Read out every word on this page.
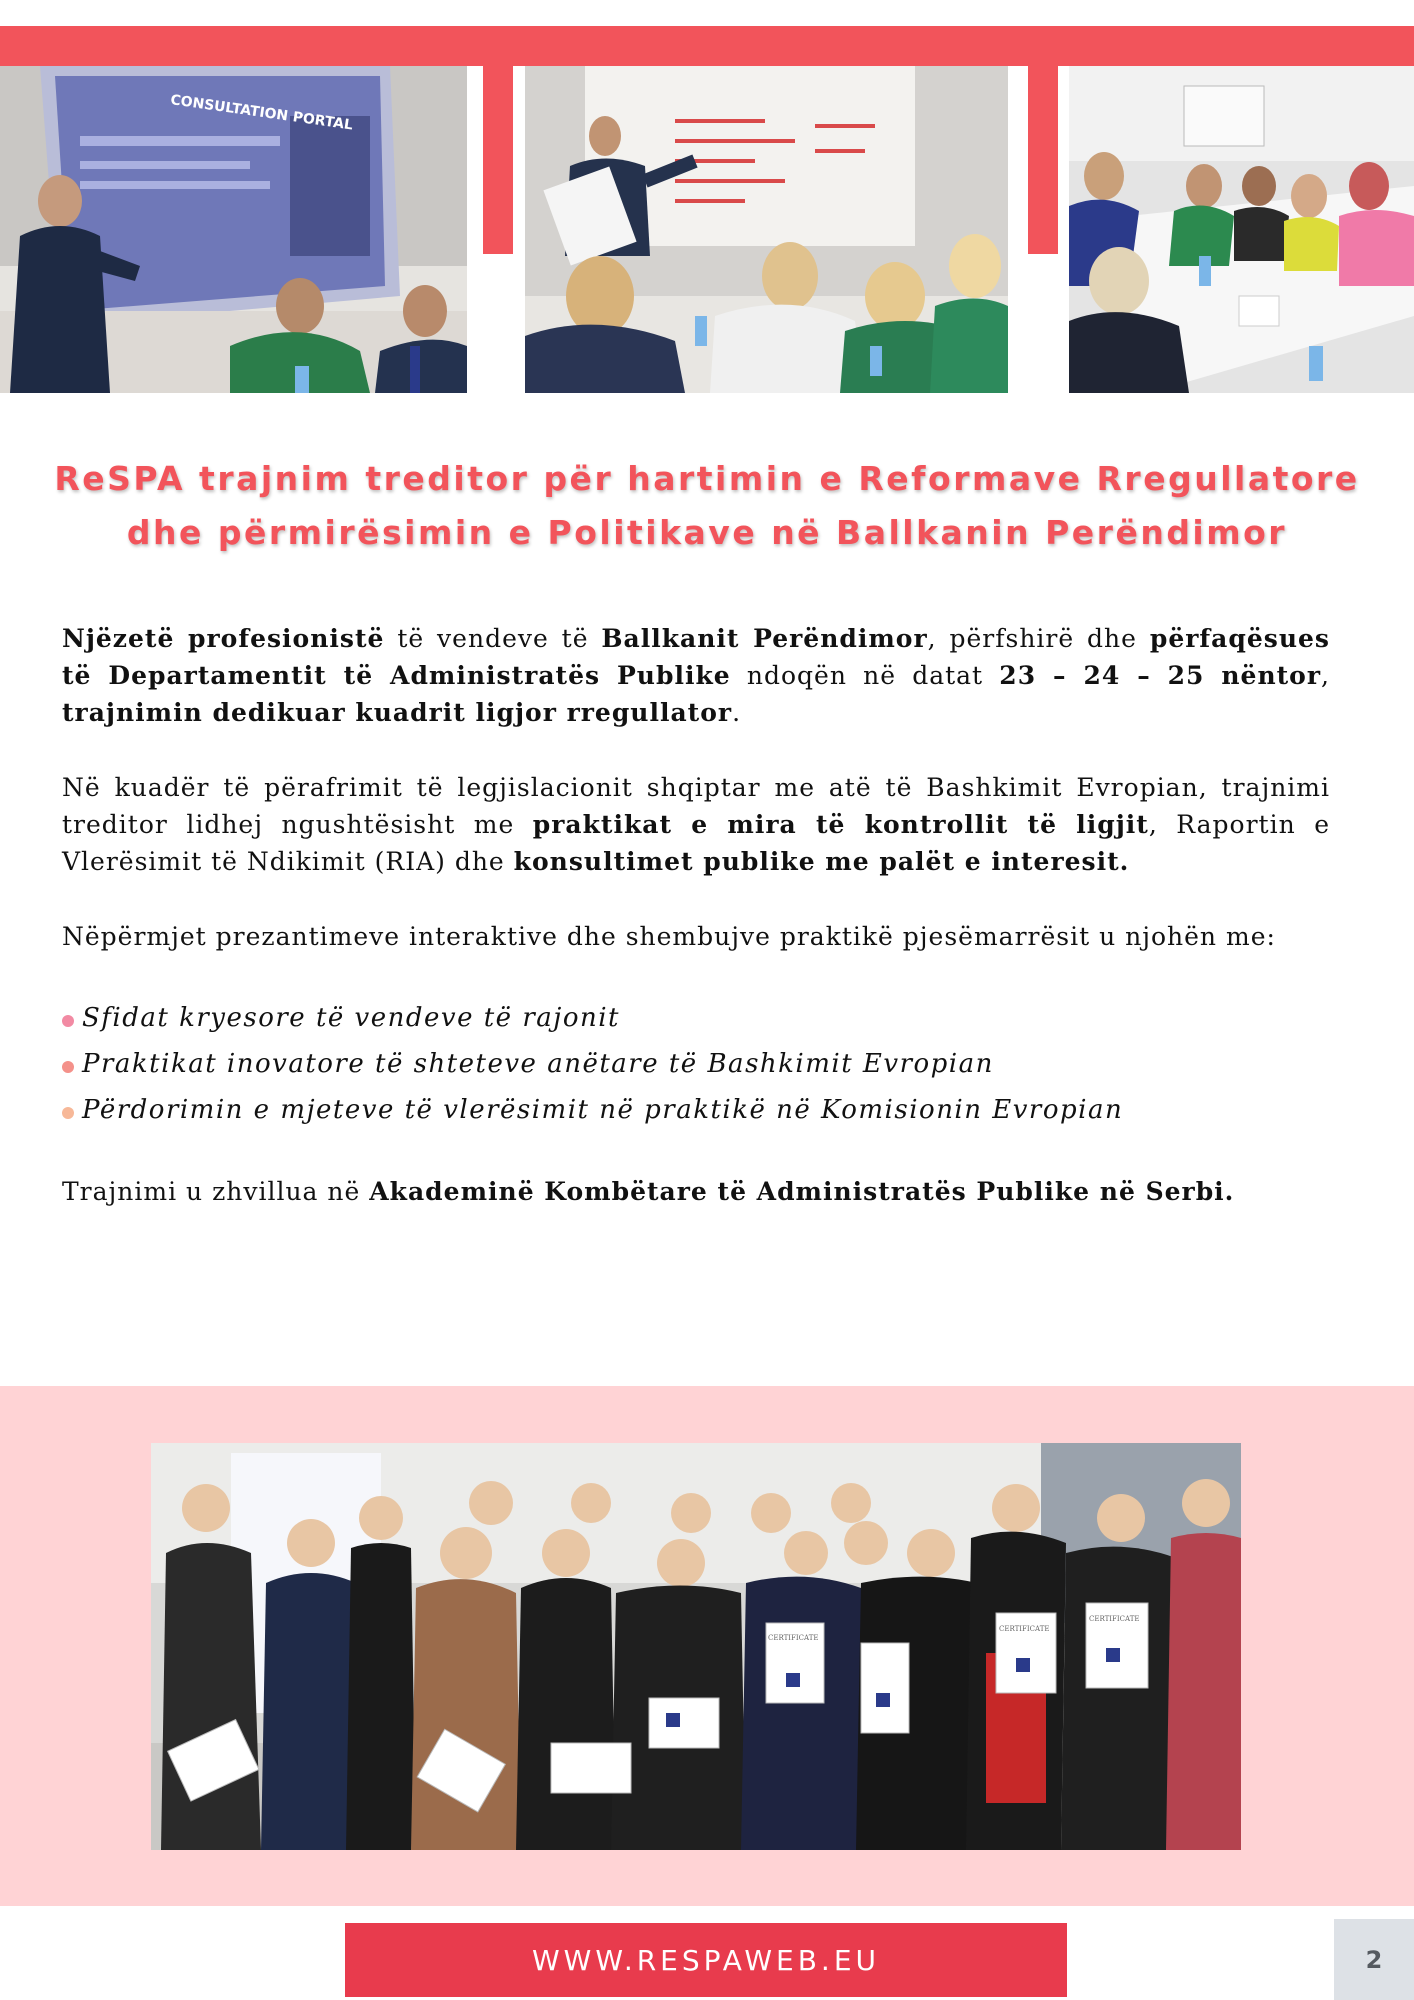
CONSULTATION PORTAL
ReSPA trajnim treditor për hartimin e Reformave Rregullatore
dhe përmirësimin e Politikave në Ballkanin Perëndimor

Njëzetë profesionistë të vendeve të Ballkanit Perëndimor, përfshirë dhe përfaqësues të Departamentit të Administratës Publike ndoqën në datat 23 – 24 – 25 nëntor, trajnimin dedikuar kuadrit ligjor rregullator.

Në kuadër të përafrimit të legjislacionit shqiptar me atë të Bashkimit Evropian, trajnimi treditor lidhej ngushtësisht me praktikat e mira të kontrollit të ligjit, Raportin e Vlerësimit të Ndikimit (RIA) dhe konsultimet publike me palët e interesit.

Nëpërmjet prezantimeve interaktive dhe shembujve praktikë pjesëmarrësit u njohën me:

Sfidat kryesore të vendeve të rajonit
Praktikat inovatore të shteteve anëtare të Bashkimit Evropian
Përdorimin e mjeteve të vlerësimit në praktikë në Komisionin Evropian

Trajnimi u zhvillua në Akademinë Kombëtare të Administratës Publike në Serbi.

CERTIFICATE
CERTIFICATE
CERTIFICATE
WWW.RESPAWEB.EU	2
